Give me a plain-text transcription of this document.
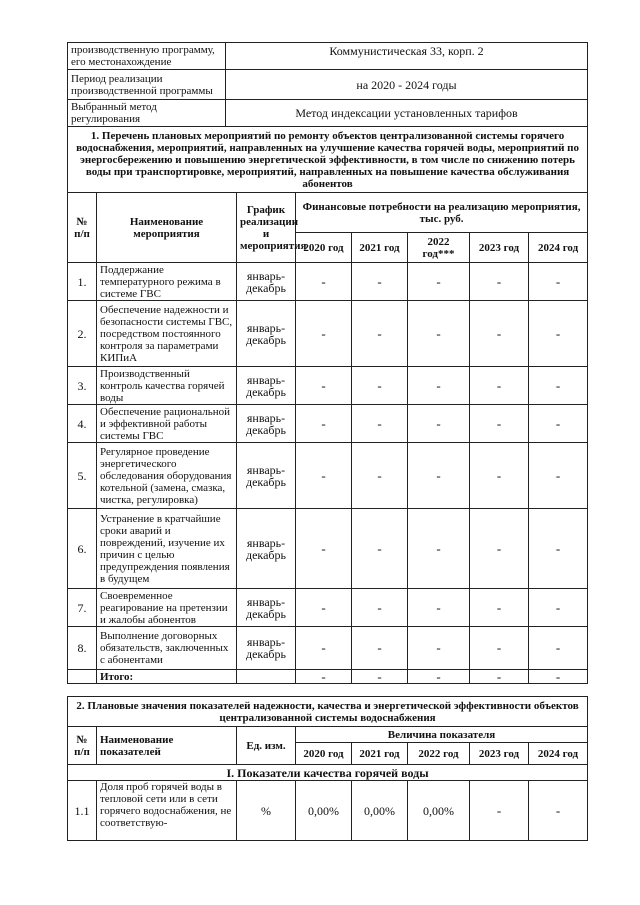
производственную программу, его местонахождение	Коммунистическая 33, корп. 2
Период реализации производственной программы	на 2020 - 2024 годы
Выбранный метод регулирования	Метод индексации установленных тарифов
1. Перечень плановых мероприятий по ремонту объектов централизованной системы горячего водоснабжения, мероприятий, направленных на улучшение качества горячей воды, мероприятий по энергосбережению и повышению энергетической эффективности, в том числе по снижению потерь воды при транспортировке, мероприятий, направленных на повышение качества обслуживания абонентов							
№ п/п	Наименование мероприятия	График реализации и мероприятия	Финансовые потребности на реализацию мероприятия, тыс. руб.				
			2020 год	2021 год	2022 год***	2023 год	2024 год
1.	Поддержание температурного режима в системе ГВС	январь-декабрь	-	-	-	-	-
2.	Обеспечение надежности и безопасности системы ГВС, посредством постоянного контроля за параметрами КИПиА	январь-декабрь	-	-	-	-	-
3.	Производственный контроль качества горячей воды	январь-декабрь	-	-	-	-	-
4.	Обеспечение рациональной и эффективной работы системы ГВС	январь-декабрь	-	-	-	-	-
5.	Регулярное проведение энергетического обследования оборудования котельной (замена, смазка, чистка, регулировка)	январь-декабрь	-	-	-	-	-
6.	Устранение в кратчайшие сроки аварий и повреждений, изучение их причин с целью предупреждения появления в будущем	январь-декабрь	-	-	-	-	-
7.	Своевременное реагирование на претензии и жалобы абонентов	январь-декабрь	-	-	-	-	-
8.	Выполнение договорных обязательств, заключенных с абонентами	январь-декабрь	-	-	-	-	-
	Итого:		-	-	-	-	-
2. Плановые значения показателей надежности, качества и энергетической эффективности объектов централизованной системы водоснабжения							
№ п/п	Наименование показателей	Ед. изм.	Величина показателя				
			2020 год	2021 год	2022 год	2023 год	2024 год
I. Показатели качества горячей воды							
1.1	Доля проб горячей воды в тепловой сети или в сети горячего водоснабжения, не соответствую-	%	0,00%	0,00%	0,00%	-	-
